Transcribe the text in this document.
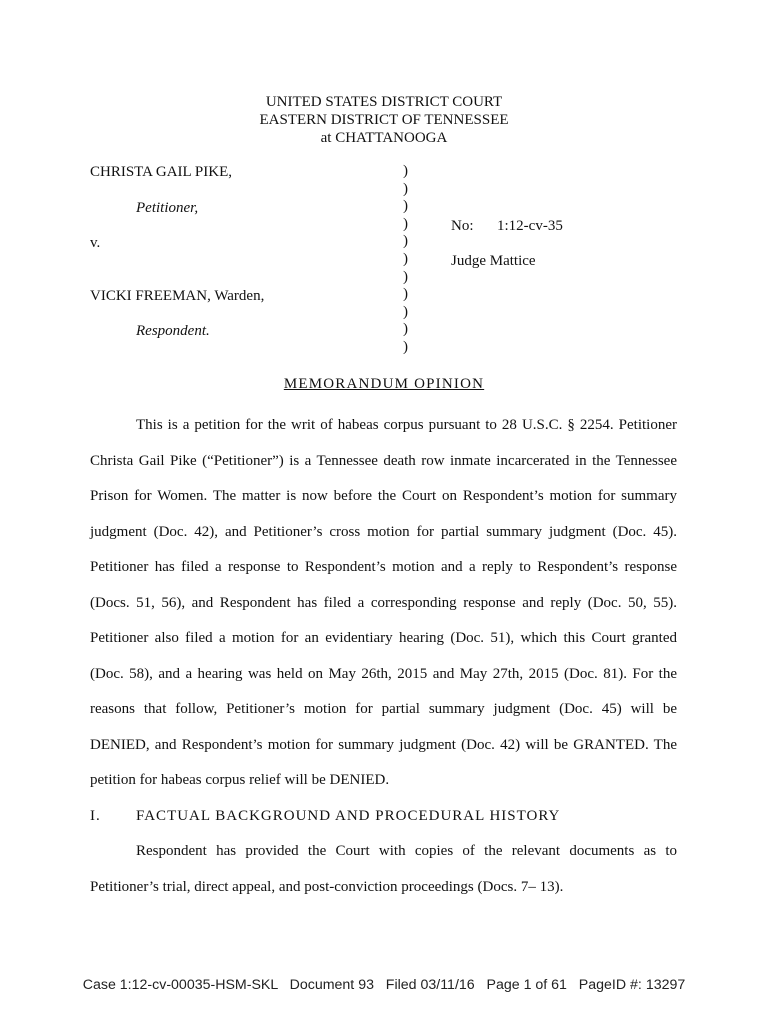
UNITED STATES DISTRICT COURT
EASTERN DISTRICT OF TENNESSEE
at CHATTANOOGA
CHRISTA GAIL PIKE,
Petitioner,
v.
VICKI FREEMAN, Warden,
Respondent.
)
)
)
)
)
)
)
)
)
)
)
No: 1:12-cv-35
Judge Mattice
MEMORANDUM OPINION

This is a petition for the writ of habeas corpus pursuant to 28 U.S.C. § 2254. Petitioner Christa Gail Pike (“Petitioner”) is a Tennessee death row inmate incarcerated in the Tennessee Prison for Women. The matter is now before the Court on Respondent’s motion for summary judgment (Doc. 42), and Petitioner’s cross motion for partial summary judgment (Doc. 45). Petitioner has filed a response to Respondent’s motion and a reply to Respondent’s response (Docs. 51, 56), and Respondent has filed a corresponding response and reply (Doc. 50, 55). Petitioner also filed a motion for an evidentiary hearing (Doc. 51), which this Court granted (Doc. 58), and a hearing was held on May 26th, 2015 and May 27th, 2015 (Doc. 81). For the reasons that follow, Petitioner’s motion for partial summary judgment (Doc. 45) will be DENIED, and Respondent’s motion for summary judgment (Doc. 42) will be GRANTED. The petition for habeas corpus relief will be DENIED.

I.	FACTUAL BACKGROUND AND PROCEDURAL HISTORY

Respondent has provided the Court with copies of the relevant documents as to Petitioner’s trial, direct appeal, and post-conviction proceedings (Docs. 7– 13).

Case 1:12-cv-00035-HSM-SKL   Document 93   Filed 03/11/16   Page 1 of 61   PageID #: 13297
